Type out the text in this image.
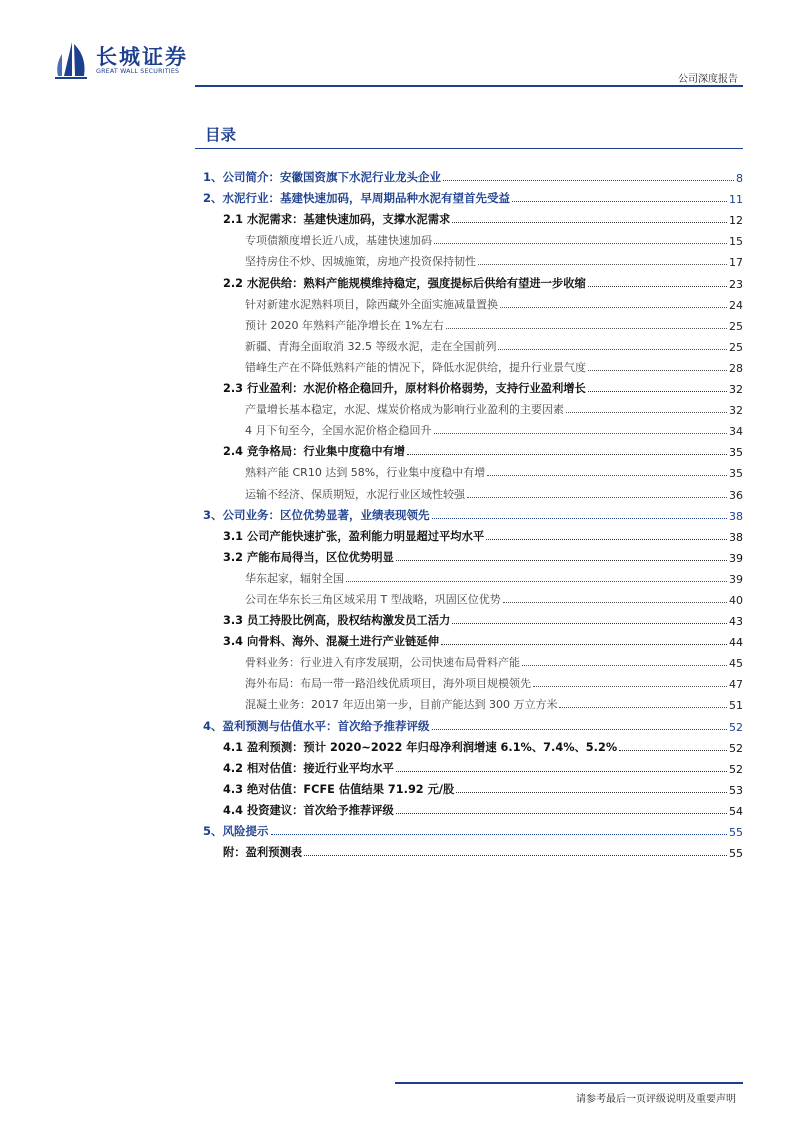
长城证券
GREAT WALL SECURITIES
公司深度报告
目录
1、公司简介：安徽国资旗下水泥行业龙头企业	8
2、水泥行业：基建快速加码，早周期品种水泥有望首先受益	11
2.1 水泥需求：基建快速加码，支撑水泥需求	12
专项债额度增长近八成，基建快速加码	15
坚持房住不炒、因城施策，房地产投资保持韧性	17
2.2 水泥供给：熟料产能规模维持稳定，强度提标后供给有望进一步收缩	23
针对新建水泥熟料项目，除西藏外全面实施减量置换	24
预计 2020 年熟料产能净增长在 1%左右	25
新疆、青海全面取消 32.5 等级水泥，走在全国前列	25
错峰生产在不降低熟料产能的情况下，降低水泥供给，提升行业景气度	28
2.3 行业盈利：水泥价格企稳回升，原材料价格弱势，支持行业盈利增长	32
产量增长基本稳定，水泥、煤炭价格成为影响行业盈利的主要因素	32
4 月下旬至今，全国水泥价格企稳回升	34
2.4 竞争格局：行业集中度稳中有增	35
熟料产能 CR10 达到 58%，行业集中度稳中有增	35
运输不经济、保质期短，水泥行业区域性较强	36
3、公司业务：区位优势显著，业绩表现领先	38
3.1 公司产能快速扩张，盈利能力明显超过平均水平	38
3.2 产能布局得当，区位优势明显	39
华东起家，辐射全国	39
公司在华东长三角区域采用 T 型战略，巩固区位优势	40
3.3 员工持股比例高，股权结构激发员工活力	43
3.4 向骨料、海外、混凝土进行产业链延伸	44
骨料业务：行业进入有序发展期，公司快速布局骨料产能	45
海外布局：布局一带一路沿线优质项目，海外项目规模领先	47
混凝土业务：2017 年迈出第一步，目前产能达到 300 万立方米	51
4、盈利预测与估值水平：首次给予推荐评级	52
4.1 盈利预测：预计 2020~2022 年归母净利润增速 6.1%、7.4%、5.2%	52
4.2 相对估值：接近行业平均水平	52
4.3 绝对估值：FCFE 估值结果 71.92 元/股	53
4.4 投资建议：首次给予推荐评级	54
5、风险提示	55
附：盈利预测表	55
请参考最后一页评级说明及重要声明
